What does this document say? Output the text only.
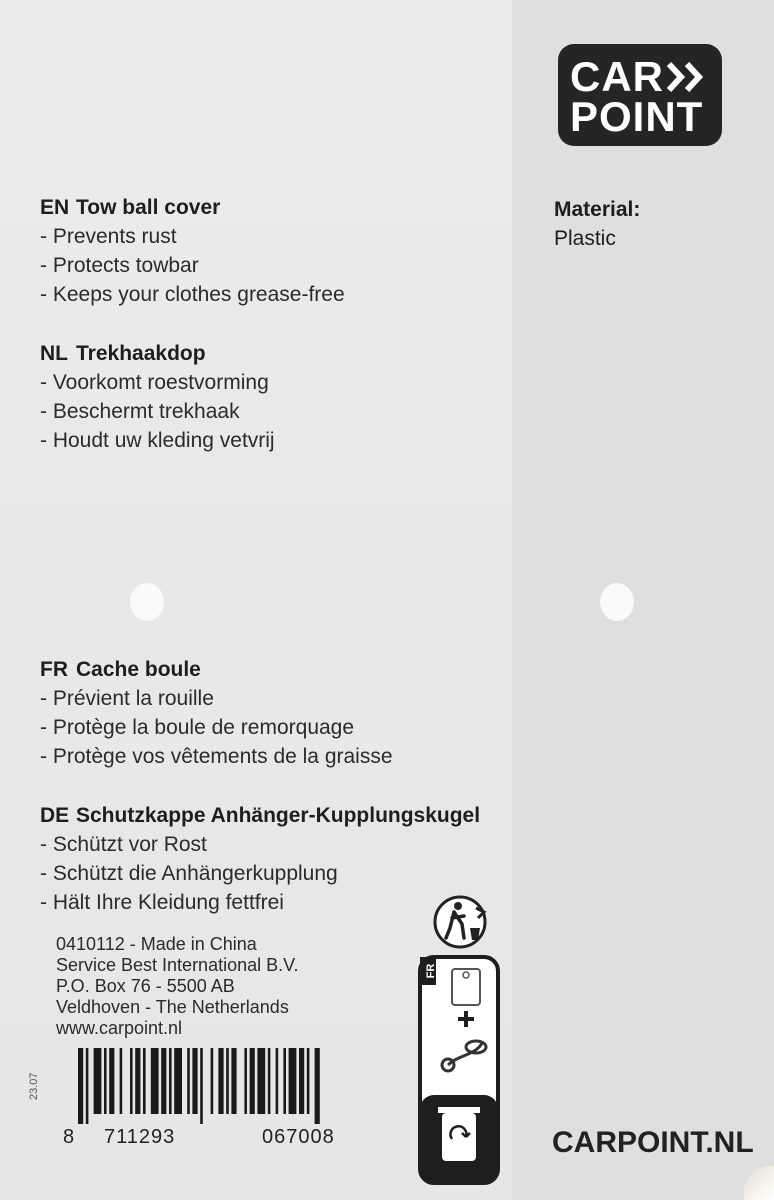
CAR
POINT
EN Tow ball cover
- Prevents rust
- Protects towbar
- Keeps your clothes grease-free
NL Trekhaakdop
- Voorkomt roestvorming
- Beschermt trekhaak
- Houdt uw kleding vetvrij
FR Cache boule
- Prévient la rouille
- Protège la boule de remorquage
- Protège vos vêtements de la graisse
DE Schutzkappe Anhänger-Kupplungskugel
- Schützt vor Rost
- Schützt die Anhängerkupplung
- Hält Ihre Kleidung fettfrei
Material:
Plastic
0410112 - Made in China
Service Best International B.V.
P.O. Box 76 - 5500 AB
Veldhoven - The Netherlands
www.carpoint.nl
8 711293	067008
23.07
FR
CARPOINT.NL
